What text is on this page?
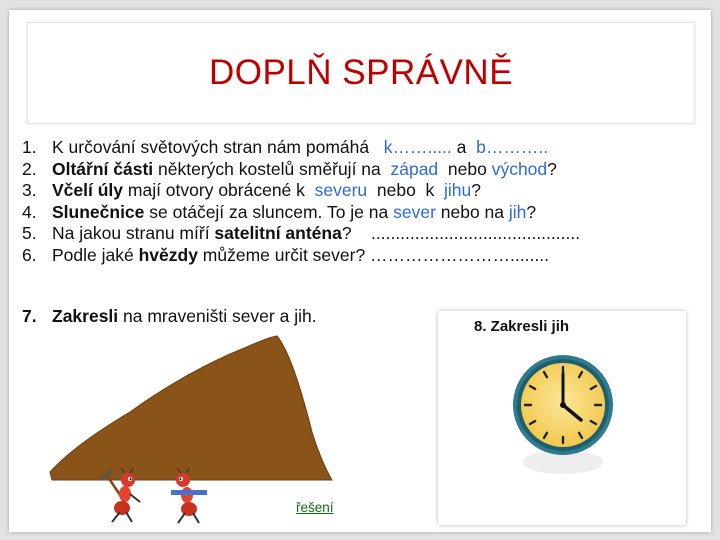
DOPLŇ SPRÁVNĚ
1. K určování světových stran nám pomáhá   k……..... a  b………..
2. Oltářní části některých kostelů směřují na  západ  nebo východ?
3. Včelí úly mají otvory obrácené k  severu  nebo  k  jihu?
4. Slunečnice se otáčejí za sluncem. To je na sever nebo na jih?
5. Na jakou stranu míří satelitní anténa?    ...........................................
6. Podle jaké hvězdy můžeme určit sever? ……………………........
7. Zakresli na mraveništi sever a jih.
řešení
8. Zakresli jih
